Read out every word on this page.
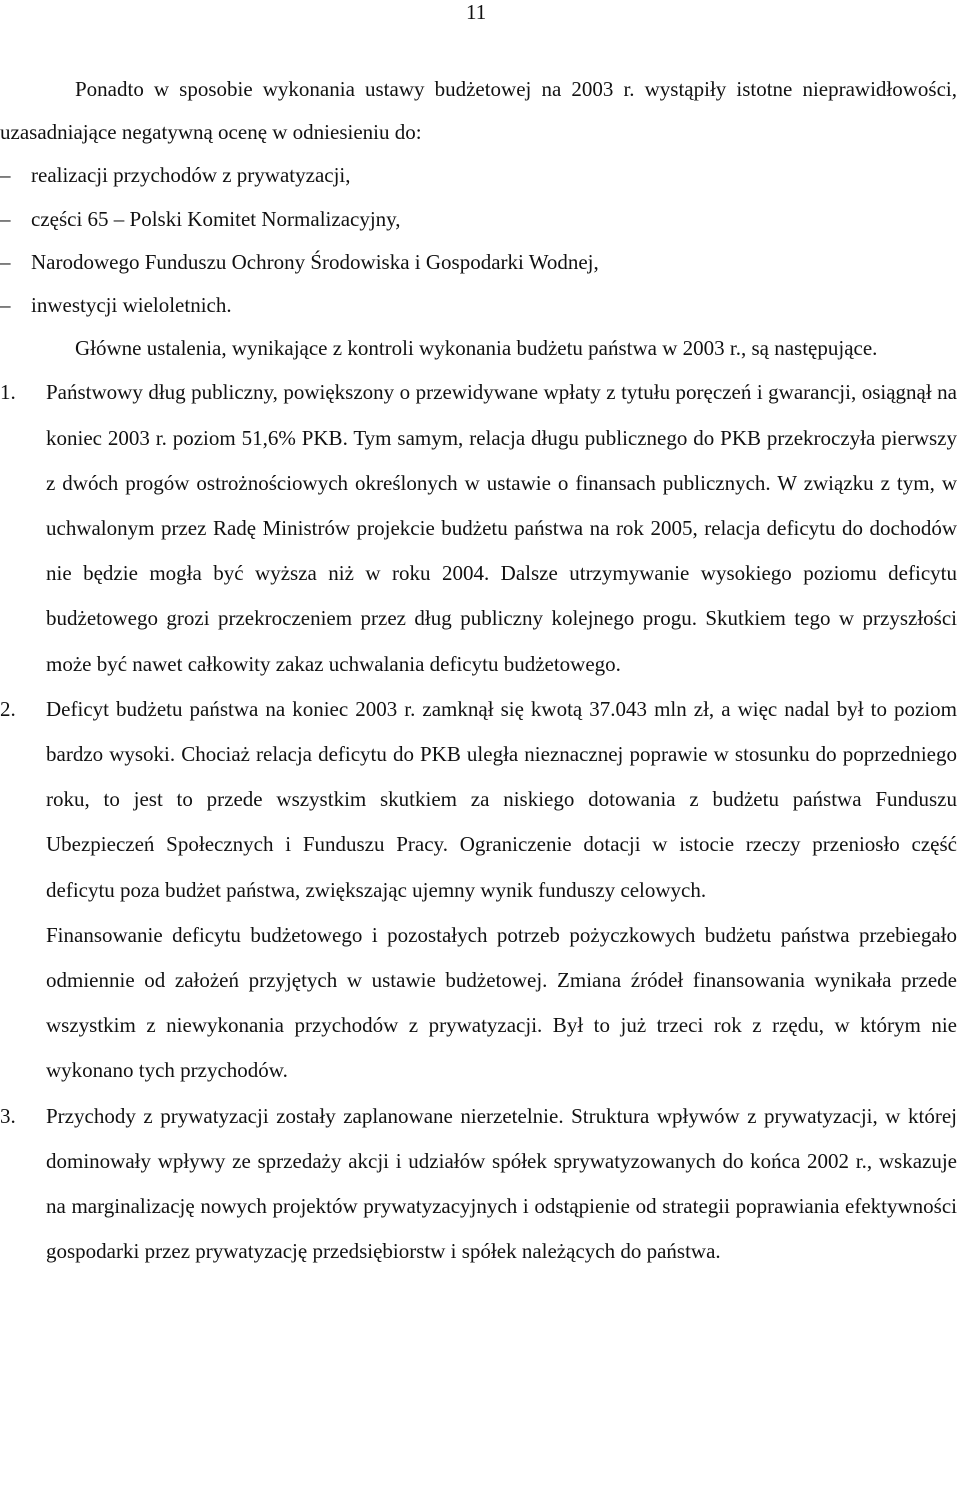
11

Ponadto w sposobie wykonania ustawy budżetowej na 2003 r. wystąpiły istotne nieprawidłowości, uzasadniające negatywną ocenę w odniesieniu do:

– realizacji przychodów z prywatyzacji,

– części 65 – Polski Komitet Normalizacyjny,

– Narodowego Funduszu Ochrony Środowiska i Gospodarki Wodnej,

– inwestycji wieloletnich.

Główne ustalenia, wynikające z kontroli wykonania budżetu państwa w 2003 r., są następujące.

1. Państwowy dług publiczny, powiększony o przewidywane wpłaty z tytułu poręczeń i gwarancji, osiągnął na koniec 2003 r. poziom 51,6% PKB. Tym samym, relacja długu publicznego do PKB przekroczyła pierwszy z dwóch progów ostrożnościowych określonych w ustawie o finansach publicznych. W związku z tym, w uchwalonym przez Radę Ministrów projekcie budżetu państwa na rok 2005, relacja deficytu do dochodów nie będzie mogła być wyższa niż w roku 2004. Dalsze utrzymywanie wysokiego poziomu deficytu budżetowego grozi przekroczeniem przez dług publiczny kolejnego progu. Skutkiem tego w przyszłości może być nawet całkowity zakaz uchwalania deficytu budżetowego.
2. Deficyt budżetu państwa na koniec 2003 r. zamknął się kwotą 37.043 mln zł, a więc nadal był to poziom bardzo wysoki. Chociaż relacja deficytu do PKB uległa nieznacznej poprawie w stosunku do poprzedniego roku, to jest to przede wszystkim skutkiem za niskiego dotowania z budżetu państwa Funduszu Ubezpieczeń Społecznych i Funduszu Pracy. Ograniczenie dotacji w istocie rzeczy przeniosło część deficytu poza budżet państwa, zwiększając ujemny wynik funduszy celowych.

Finansowanie deficytu budżetowego i pozostałych potrzeb pożyczkowych budżetu państwa przebiegało odmiennie od założeń przyjętych w ustawie budżetowej. Zmiana źródeł finansowania wynikała przede wszystkim z niewykonania przychodów z prywatyzacji. Był to już trzeci rok z rzędu, w którym nie wykonano tych przychodów.

3. Przychody z prywatyzacji zostały zaplanowane nierzetelnie. Struktura wpływów z prywatyzacji, w której dominowały wpływy ze sprzedaży akcji i udziałów spółek sprywatyzowanych do końca 2002 r., wskazuje na marginalizację nowych projektów prywatyzacyjnych i odstąpienie od strategii poprawiania efektywności gospodarki przez prywatyzację przedsiębiorstw i spółek należących do państwa.
